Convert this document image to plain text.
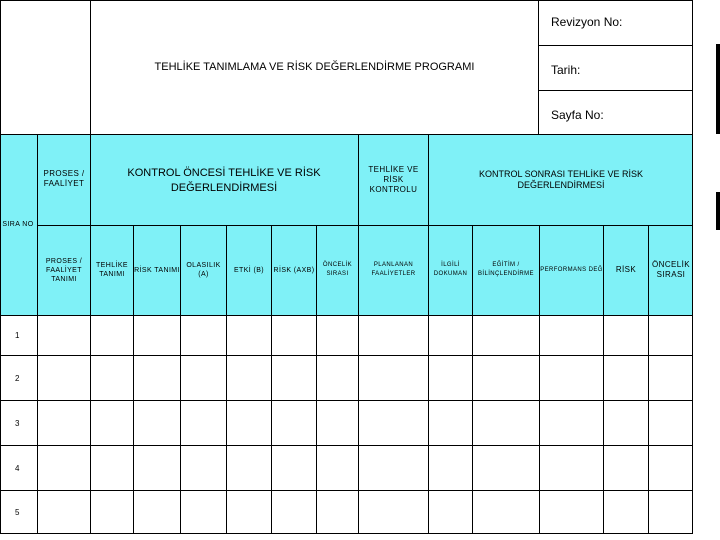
TEHLİKE TANIMLAMA VE RİSK DEĞERLENDİRME PROGRAMI
Revizyon No:
Tarih:
Sayfa No:
SIRA NO
PROSES / FAALİYET
KONTROL ÖNCESİ TEHLİKE VE RİSK DEĞERLENDİRMESİ
TEHLİKE VE RİSK KONTROLU
KONTROL SONRASI TEHLİKE VE RİSK DEĞERLENDİRMESİ
PROSES / FAALİYET TANIMI
TEHLİKE TANIMI
RİSK TANIMI
OLASILIK (A)
ETKİ (B)	RİSK (AXB)
ÖNCELİK SIRASI
PLANLANAN FAALİYETLER
İLGİLİ DOKUMAN
EĞİTİM / BİLİNÇLENDİRME
PERFORMANS DEĞ	RİSK
ÖNCELİK SIRASI
1
2
3
4
5
